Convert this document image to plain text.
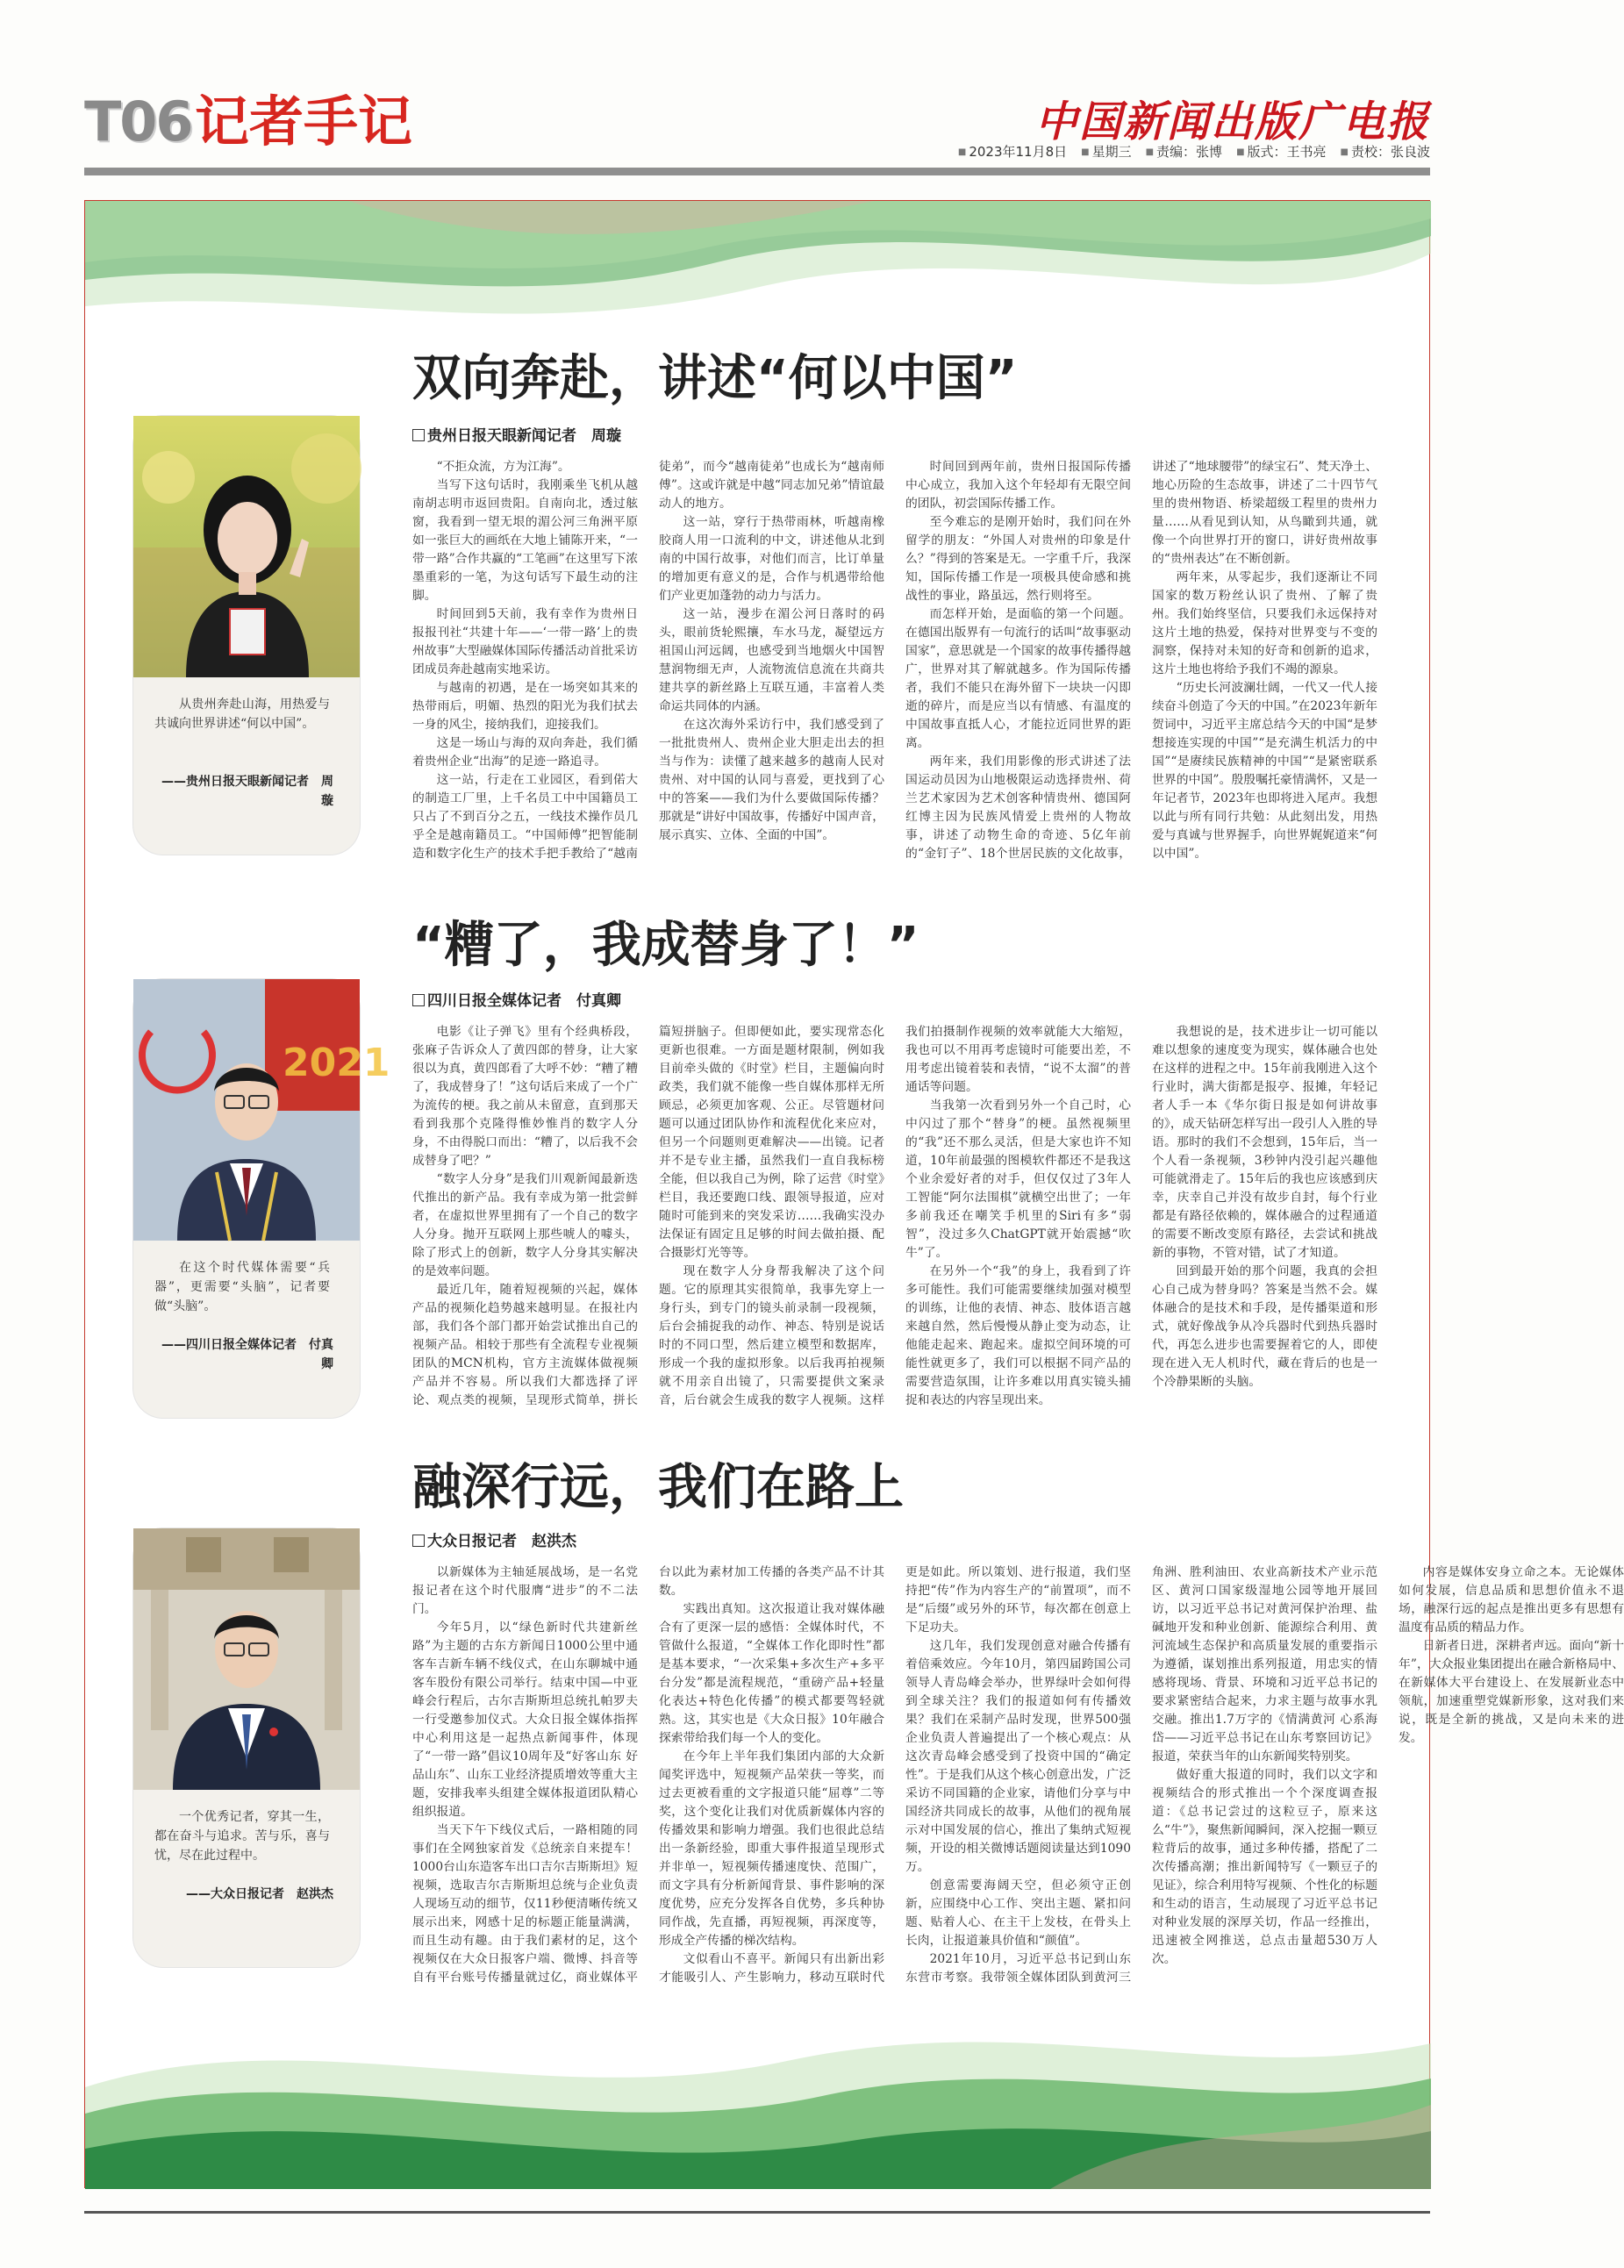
T06 记者手记	中国新闻出版广电报
■ 2023年11月8日	■ 星期三	■ 责编：张博	■ 版式：王书亮	■ 责校：张良波
从贵州奔赴山海，用热爱与共诚向世界讲述“何以中国”。
——贵州日报天眼新闻记者　周璇
双向奔赴，讲述“何以中国”
贵州日报天眼新闻记者　周璇

“不拒众流，方为江海”。

当写下这句话时，我刚乘坐飞机从越南胡志明市返回贵阳。自南向北，透过舷窗，我看到一望无垠的湄公河三角洲平原如一张巨大的画纸在大地上铺陈开来，“一带一路”合作共赢的“工笔画”在这里写下浓墨重彩的一笔，为这句话写下最生动的注脚。

时间回到5天前，我有幸作为贵州日报报刊社“共建十年——‘一带一路’上的贵州故事”大型融媒体国际传播活动首批采访团成员奔赴越南实地采访。

与越南的初遇，是在一场突如其来的热带雨后，明媚、热烈的阳光为我们拭去一身的风尘，接纳我们，迎接我们。

这是一场山与海的双向奔赴，我们循着贵州企业“出海”的足迹一路追寻。

这一站，行走在工业园区，看到偌大的制造工厂里，上千名员工中中国籍员工只占了不到百分之五，一线技术操作员几乎全是越南籍员工。“中国师傅”把智能制造和数字化生产的技术手把手教给了“越南徒弟”，而今“越南徒弟”也成长为“越南师傅”。这或许就是中越“同志加兄弟”情谊最动人的地方。

这一站，穿行于热带雨林，听越南橡胶商人用一口流利的中文，讲述他从北到南的中国行故事，对他们而言，比订单量的增加更有意义的是，合作与机遇带给他们产业更加蓬勃的动力与活力。

这一站，漫步在湄公河日落时的码头，眼前货轮熙攘，车水马龙，凝望远方祖国山河远阔，也感受到当地烟火中国智慧润物细无声，人流物流信息流在共商共建共享的新丝路上互联互通，丰富着人类命运共同体的内涵。

在这次海外采访行中，我们感受到了一批批贵州人、贵州企业大胆走出去的担当与作为：读懂了越来越多的越南人民对贵州、对中国的认同与喜爱，更找到了心中的答案——我们为什么要做国际传播？那就是“讲好中国故事，传播好中国声音，展示真实、立体、全面的中国”。

时间回到两年前，贵州日报国际传播中心成立，我加入这个年轻却有无限空间的团队，初尝国际传播工作。

至今难忘的是刚开始时，我们问在外留学的朋友：“外国人对贵州的印象是什么？”得到的答案是无。一字重千斤，我深知，国际传播工作是一项极具使命感和挑战性的事业，路虽远，然行则将至。

而怎样开始，是面临的第一个问题。在德国出版界有一句流行的话叫“故事驱动国家”，意思就是一个国家的故事传播得越广，世界对其了解就越多。作为国际传播者，我们不能只在海外留下一块块一闪即逝的碎片，而是应当以有情感、有温度的中国故事直抵人心，才能拉近同世界的距离。

两年来，我们用影像的形式讲述了法国运动员因为山地极限运动选择贵州、荷兰艺术家因为艺术创客种情贵州、德国阿红博主因为民族风情爱上贵州的人物故事，讲述了动物生命的奇迹、5亿年前的“金钉子”、18个世居民族的文化故事，讲述了“地球腰带”的绿宝石”、梵天净土、地心历险的生态故事，讲述了二十四节气里的贵州物语、桥梁超级工程里的贵州力量……从看见到认知，从鸟瞰到共通，就像一个向世界打开的窗口，讲好贵州故事的“贵州表达”在不断创新。

两年来，从零起步，我们逐渐让不同国家的数万粉丝认识了贵州、了解了贵州。我们始终坚信，只要我们永远保持对这片土地的热爱，保持对世界变与不变的洞察，保持对未知的好奇和创新的追求，这片土地也将给予我们不竭的源泉。

“历史长河波澜壮阔，一代又一代人接续奋斗创造了今天的中国。”在2023年新年贺词中，习近平主席总结今天的中国“是梦想接连实现的中国”“是充满生机活力的中国”“是赓续民族精神的中国”“是紧密联系世界的中国”。殷殷嘱托豪情满怀，又是一年记者节，2023年也即将进入尾声。我想以此与所有同行共勉：从此刻出发，用热爱与真诚与世界握手，向世界娓娓道来“何以中国”。

2021
在这个时代媒体需要“兵器”，更需要“头脑”，记者要做“头脑”。
——四川日报全媒体记者　付真卿
“糟了，我成替身了！”
四川日报全媒体记者　付真卿

电影《让子弹飞》里有个经典桥段，张麻子告诉众人了黄四郎的替身，让大家很以为真，黄四郎看了大呼不妙：“糟了糟了，我成替身了！”这句话后来成了一个广为流传的梗。我之前从未留意，直到那天看到我那个克隆得惟妙惟肖的数字人分身，不由得脱口而出：“糟了，以后我不会成替身了吧？”

“数字人分身”是我们川观新闻最新迭代推出的新产品。我有幸成为第一批尝鲜者，在虚拟世界里拥有了一个自己的数字人分身。抛开互联网上那些唬人的噱头，除了形式上的创新，数字人分身其实解决的是效率问题。

最近几年，随着短视频的兴起，媒体产品的视频化趋势越来越明显。在报社内部，我们各个部门都开始尝试推出自己的视频产品。相较于那些有全流程专业视频团队的MCN机构，官方主流媒体做视频产品并不容易。所以我们大都选择了评论、观点类的视频，呈现形式简单，拼长篇短拼脑子。但即便如此，要实现常态化更新也很难。一方面是题材限制，例如我目前牵头做的《时堂》栏目，主题偏向时政类，我们就不能像一些自媒体那样无所顾忌，必须更加客观、公正。尽管题材问题可以通过团队协作和流程优化来应对，但另一个问题则更难解决——出镜。记者并不是专业主播，虽然我们一直自我标榜全能，但以我自己为例，除了运营《时堂》栏目，我还要跑口线、跟领导报道，应对随时可能到来的突发采访……我确实没办法保证有固定且足够的时间去做拍摄、配合摄影灯光等等。

现在数字人分身帮我解决了这个问题。它的原理其实很简单，我事先穿上一身行头，到专门的镜头前录制一段视频，后台会捕捉我的动作、神态、特别是说话时的不同口型，然后建立模型和数据库，形成一个我的虚拟形象。以后我再拍视频就不用亲自出镜了，只需要提供文案录音，后台就会生成我的数字人视频。这样我们拍摄制作视频的效率就能大大缩短，我也可以不用再考虑镜时可能要出差，不用考虑出镜着装和表情，“说不太溜”的普通话等问题。

当我第一次看到另外一个自己时，心中闪过了那个“替身”的梗。虽然视频里的“我”还不那么灵活，但是大家也许不知道，10年前最强的图模软件都还不是我这个业余爱好者的对手，但仅仅过了3年人工智能“阿尔法围棋”就横空出世了；一年多前我还在嘲笑手机里的Siri有多“弱智”，没过多久ChatGPT就开始震撼“吹牛”了。

在另外一个“我”的身上，我看到了许多可能性。我们可能需要继续加强对模型的训练，让他的表情、神态、肢体语言越来越自然，然后慢慢从静止变为动态，让他能走起来、跑起来。虚拟空间环境的可能性就更多了，我们可以根据不同产品的需要营造氛围，让许多难以用真实镜头捕捉和表达的内容呈现出来。

我想说的是，技术进步让一切可能以难以想象的速度变为现实，媒体融合也处在这样的进程之中。15年前我刚进入这个行业时，满大街都是报亭、报摊，年轻记者人手一本《华尔街日报是如何讲故事的》，成天钻研怎样写出一段引人入胜的导语。那时的我们不会想到，15年后，当一个人看一条视频，3秒钟内没引起兴趣他可能就滑走了。15年后的我也应该感到庆幸，庆幸自己并没有故步自封，每个行业都是有路径依赖的，媒体融合的过程通道的需要不断改变原有路径，去尝试和挑战新的事物，不管对错，试了才知道。

回到最开始的那个问题，我真的会担心自己成为替身吗？答案是当然不会。媒体融合的是技术和手段，是传播渠道和形式，就好像战争从冷兵器时代到热兵器时代，再怎么进步也需要握着它的人，即使现在进入无人机时代，藏在背后的也是一个冷静果断的头脑。

一个优秀记者，穿其一生，都在奋斗与追求。苦与乐，喜与忧，尽在此过程中。
——大众日报记者　赵洪杰
融深行远，我们在路上
大众日报记者　赵洪杰

以新媒体为主轴延展战场，是一名党报记者在这个时代服膺“进步”的不二法门。

今年5月，以“绿色新时代共建新丝路”为主题的古东方新闻日1000公里中通客车吉新车辆不线仪式，在山东聊城中通客车股份有限公司举行。结束中国—中亚峰会行程后，古尔吉斯斯坦总统扎帕罗夫一行受邀参加仪式。大众日报全媒体指挥中心利用这是一起热点新闻事件，体现了“一带一路”倡议10周年及“好客山东 好品山东”、山东工业经济提质增效等重大主题，安排我率头组建全媒体报道团队精心组织报道。

当天下午下线仪式后，一路相随的同事们在全网独家首发《总统亲自来提车！1000台山东造客车出口吉尔吉斯斯坦》短视频，选取吉尔吉斯斯坦总统与企业负责人现场互动的细节，仅11秒便清晰传统又展示出来，网感十足的标题正能量满满，而且生动有趣。由于我们素材的足，这个视频仅在大众日报客户端、微博、抖音等自有平台账号传播量就过亿，商业媒体平台以此为素材加工传播的各类产品不计其数。

实践出真知。这次报道让我对媒体融合有了更深一层的感悟：全媒体时代，不管做什么报道，“全媒体工作化即时性”都是基本要求，“一次采集+多次生产+多平台分发”都是流程规范，“重磅产品+轻量化表达+特色化传播”的模式都要驾轻就熟。这，其实也是《大众日报》10年融合探索带给我们每一个人的变化。

在今年上半年我们集团内部的大众新闻奖评选中，短视频产品荣获一等奖，而过去更被看重的文字报道只能“屈尊”二等奖，这个变化让我们对优质新媒体内容的传播效果和影响力增强。我们也很此总结出一条新经验，即重大事件报道呈现形式并非单一，短视频传播速度快、范围广，而文字具有分析新闻背景、事件影响的深度优势，应充分发挥各自优势，多兵种协同作战，先直播，再短视频，再深度等，形成全产传播的梯次结构。

文似看山不喜平。新闻只有出新出彩才能吸引人、产生影响力，移动互联时代更是如此。所以策划、进行报道，我们坚持把“传”作为内容生产的“前置项”，而不是“后缀”或另外的环节，每次都在创意上下足功夫。

这几年，我们发现创意对融合传播有着倍乘效应。今年10月，第四届跨国公司领导人青岛峰会举办，世界绿叶会如何得到全球关注？我们的报道如何有传播效果？我们在采制产品时发现，世界500强企业负责人普遍提出了一个核心观点：从这次青岛峰会感受到了投资中国的“确定性”。于是我们从这个核心创意出发，广泛采访不同国籍的企业家，请他们分享与中国经济共同成长的故事，从他们的视角展示对中国发展的信心，推出了集纳式短视频，开设的相关微博话题阅读量达到1090万。

创意需要海阔天空，但必须守正创新，应围绕中心工作、突出主题、紧扣问题、贴着人心、在主干上发枝，在骨头上长肉，让报道兼具价值和“颜值”。

2021年10月，习近平总书记到山东东营市考察。我带领全媒体团队到黄河三角洲、胜利油田、农业高新技术产业示范区、黄河口国家级湿地公园等地开展回访，以习近平总书记对黄河保护治理、盐碱地开发和种业创新、能源综合利用、黄河流域生态保护和高质量发展的重要指示为遵循，谋划推出系列报道，用忠实的情感将现场、背景、环境和习近平总书记的要求紧密结合起来，力求主题与故事水乳交融。推出1.7万字的《情满黄河 心系海岱——习近平总书记在山东考察回访记》报道，荣获当年的山东新闻奖特别奖。

做好重大报道的同时，我们以文字和视频结合的形式推出一个个深度调查报道：《总书记尝过的这粒豆子，原来这么“牛”》，聚焦新闻瞬间，深入挖掘一颗豆粒背后的故事，通过多种传播，搭配了二次传播高潮；推出新闻特写《一颗豆子的见证》，综合利用特写视频、个性化的标题和生动的语言，生动展现了习近平总书记对种业发展的深厚关切，作品一经推出，迅速被全网推送，总点击量超530万人次。

内容是媒体安身立命之本。无论媒体如何发展，信息品质和思想价值永不退场，融深行远的起点是推出更多有思想有温度有品质的精品力作。

日新者日进，深耕者声远。面向“新十年”，大众报业集团提出在融合新格局中、在新媒体大平台建设上、在发展新业态中领航，加速重塑党媒新形象，这对我们来说，既是全新的挑战，又是向未来的进发。
